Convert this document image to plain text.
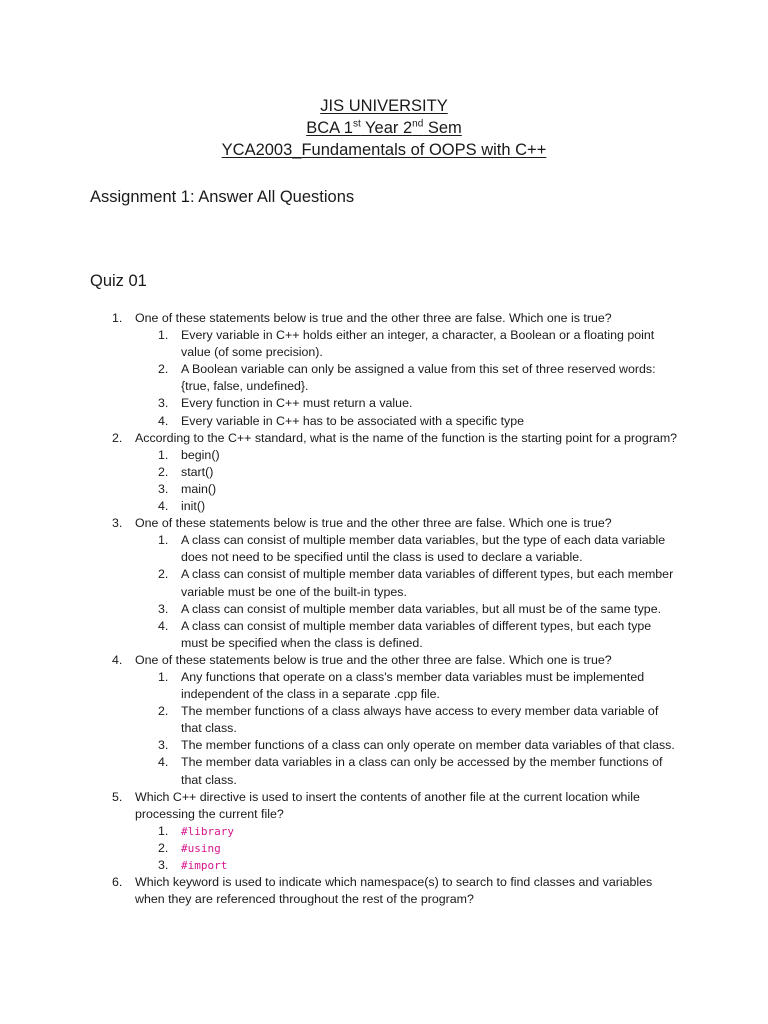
JIS UNIVERSITY
BCA 1st Year 2nd Sem
YCA2003_Fundamentals of OOPS with C++
Assignment 1: Answer All Questions
Quiz 01
1. One of these statements below is true and the other three are false. Which one is true?
1. Every variable in C++ holds either an integer, a character, a Boolean or a floating point value (of some precision).
2. A Boolean variable can only be assigned a value from this set of three reserved words: {true, false, undefined}.
3. Every function in C++ must return a value.
4. Every variable in C++ has to be associated with a specific type
2. According to the C++ standard, what is the name of the function is the starting point for a program?
1. begin()
2. start()
3. main()
4. init()
3. One of these statements below is true and the other three are false. Which one is true?
1. A class can consist of multiple member data variables, but the type of each data variable does not need to be specified until the class is used to declare a variable.
2. A class can consist of multiple member data variables of different types, but each member variable must be one of the built-in types.
3. A class can consist of multiple member data variables, but all must be of the same type.
4. A class can consist of multiple member data variables of different types, but each type must be specified when the class is defined.
4. One of these statements below is true and the other three are false. Which one is true?
1. Any functions that operate on a class's member data variables must be implemented independent of the class in a separate .cpp file.
2. The member functions of a class always have access to every member data variable of that class.
3. The member functions of a class can only operate on member data variables of that class.
4. The member data variables in a class can only be accessed by the member functions of that class.
5. Which C++ directive is used to insert the contents of another file at the current location while processing the current file?
1. #library
2. #using
3. #import
6. Which keyword is used to indicate which namespace(s) to search to find classes and variables when they are referenced throughout the rest of the program?
